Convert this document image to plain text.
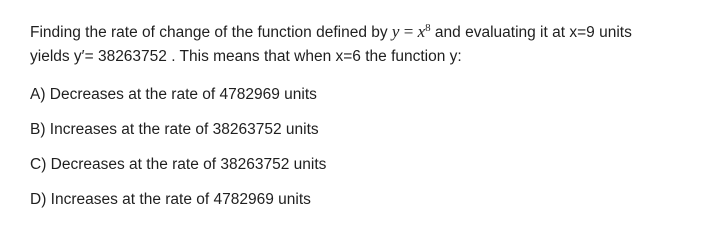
Finding the rate of change of the function defined by $y = x^8$ and evaluating it at x=9 units
yields y′= 38263752 . This means that when x=6 the function y:
A) Decreases at the rate of 4782969 units
B) Increases at the rate of 38263752 units
C) Decreases at the rate of 38263752 units
D) Increases at the rate of 4782969 units
